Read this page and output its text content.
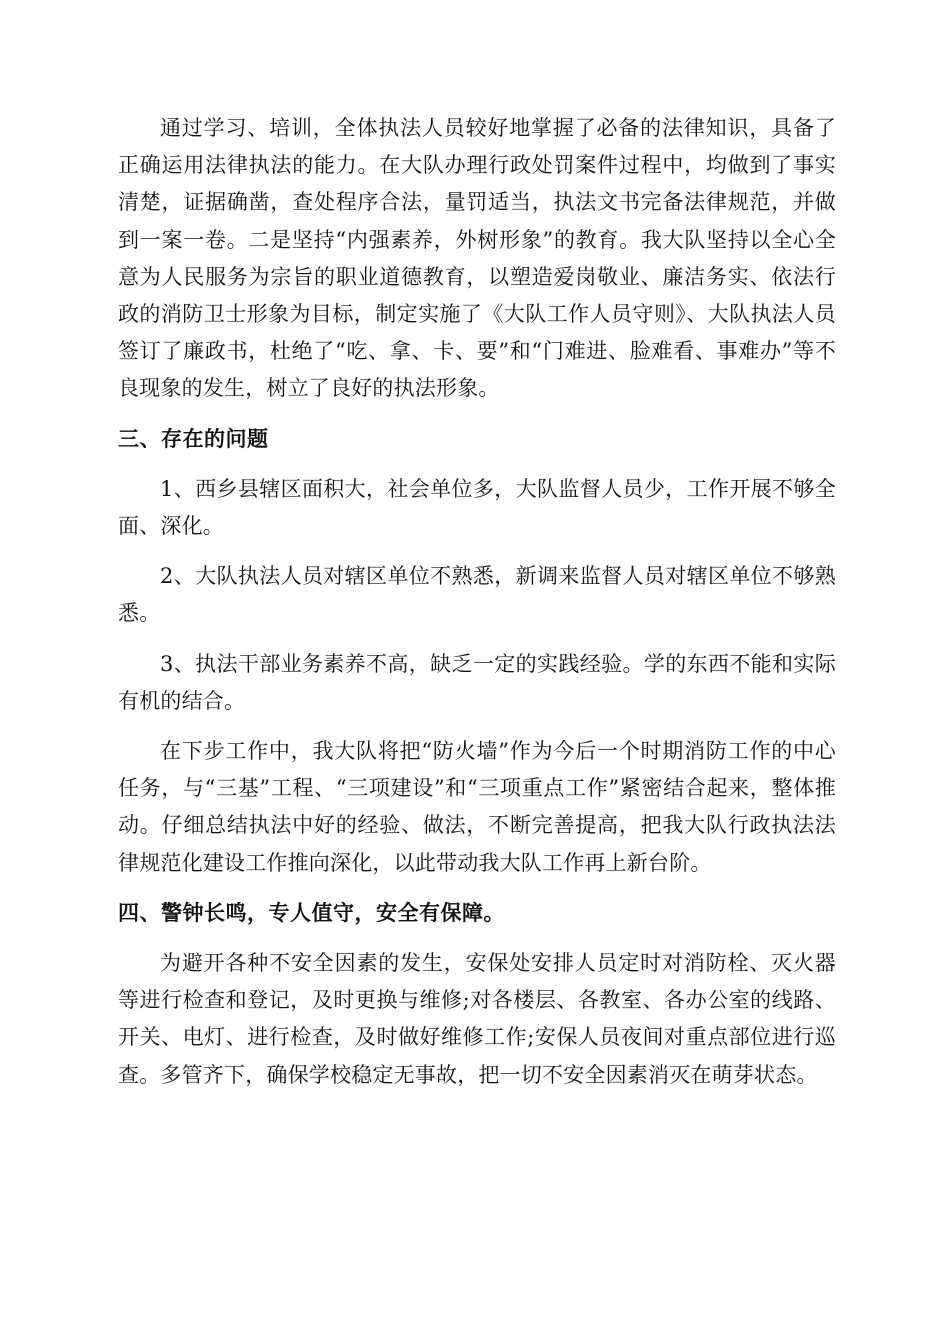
通过学习、培训，全体执法人员较好地掌握了必备的法律知识，具备了正确运用法律执法的能力。在大队办理行政处罚案件过程中，均做到了事实清楚，证据确凿，查处程序合法，量罚适当，执法文书完备法律规范，并做到一案一卷。二是坚持“内强素养，外树形象”的教育。我大队坚持以全心全意为人民服务为宗旨的职业道德教育，以塑造爱岗敬业、廉洁务实、依法行政的消防卫士形象为目标，制定实施了《大队工作人员守则》、大队执法人员签订了廉政书，杜绝了“吃、拿、卡、要”和“门难进、脸难看、事难办”等不良现象的发生，树立了良好的执法形象。

三、存在的问题

1、西乡县辖区面积大，社会单位多，大队监督人员少，工作开展不够全面、深化。

2、大队执法人员对辖区单位不熟悉，新调来监督人员对辖区单位不够熟悉。

3、执法干部业务素养不高，缺乏一定的实践经验。学的东西不能和实际有机的结合。

在下步工作中，我大队将把“防火墙”作为今后一个时期消防工作的中心任务，与“三基”工程、“三项建设”和“三项重点工作”紧密结合起来，整体推动。仔细总结执法中好的经验、做法，不断完善提高，把我大队行政执法法律规范化建设工作推向深化，以此带动我大队工作再上新台阶。

四、警钟长鸣，专人值守，安全有保障。

为避开各种不安全因素的发生，安保处安排人员定时对消防栓、灭火器等进行检查和登记，及时更换与维修;对各楼层、各教室、各办公室的线路、开关、电灯、进行检查，及时做好维修工作;安保人员夜间对重点部位进行巡查。多管齐下，确保学校稳定无事故，把一切不安全因素消灭在萌芽状态。
